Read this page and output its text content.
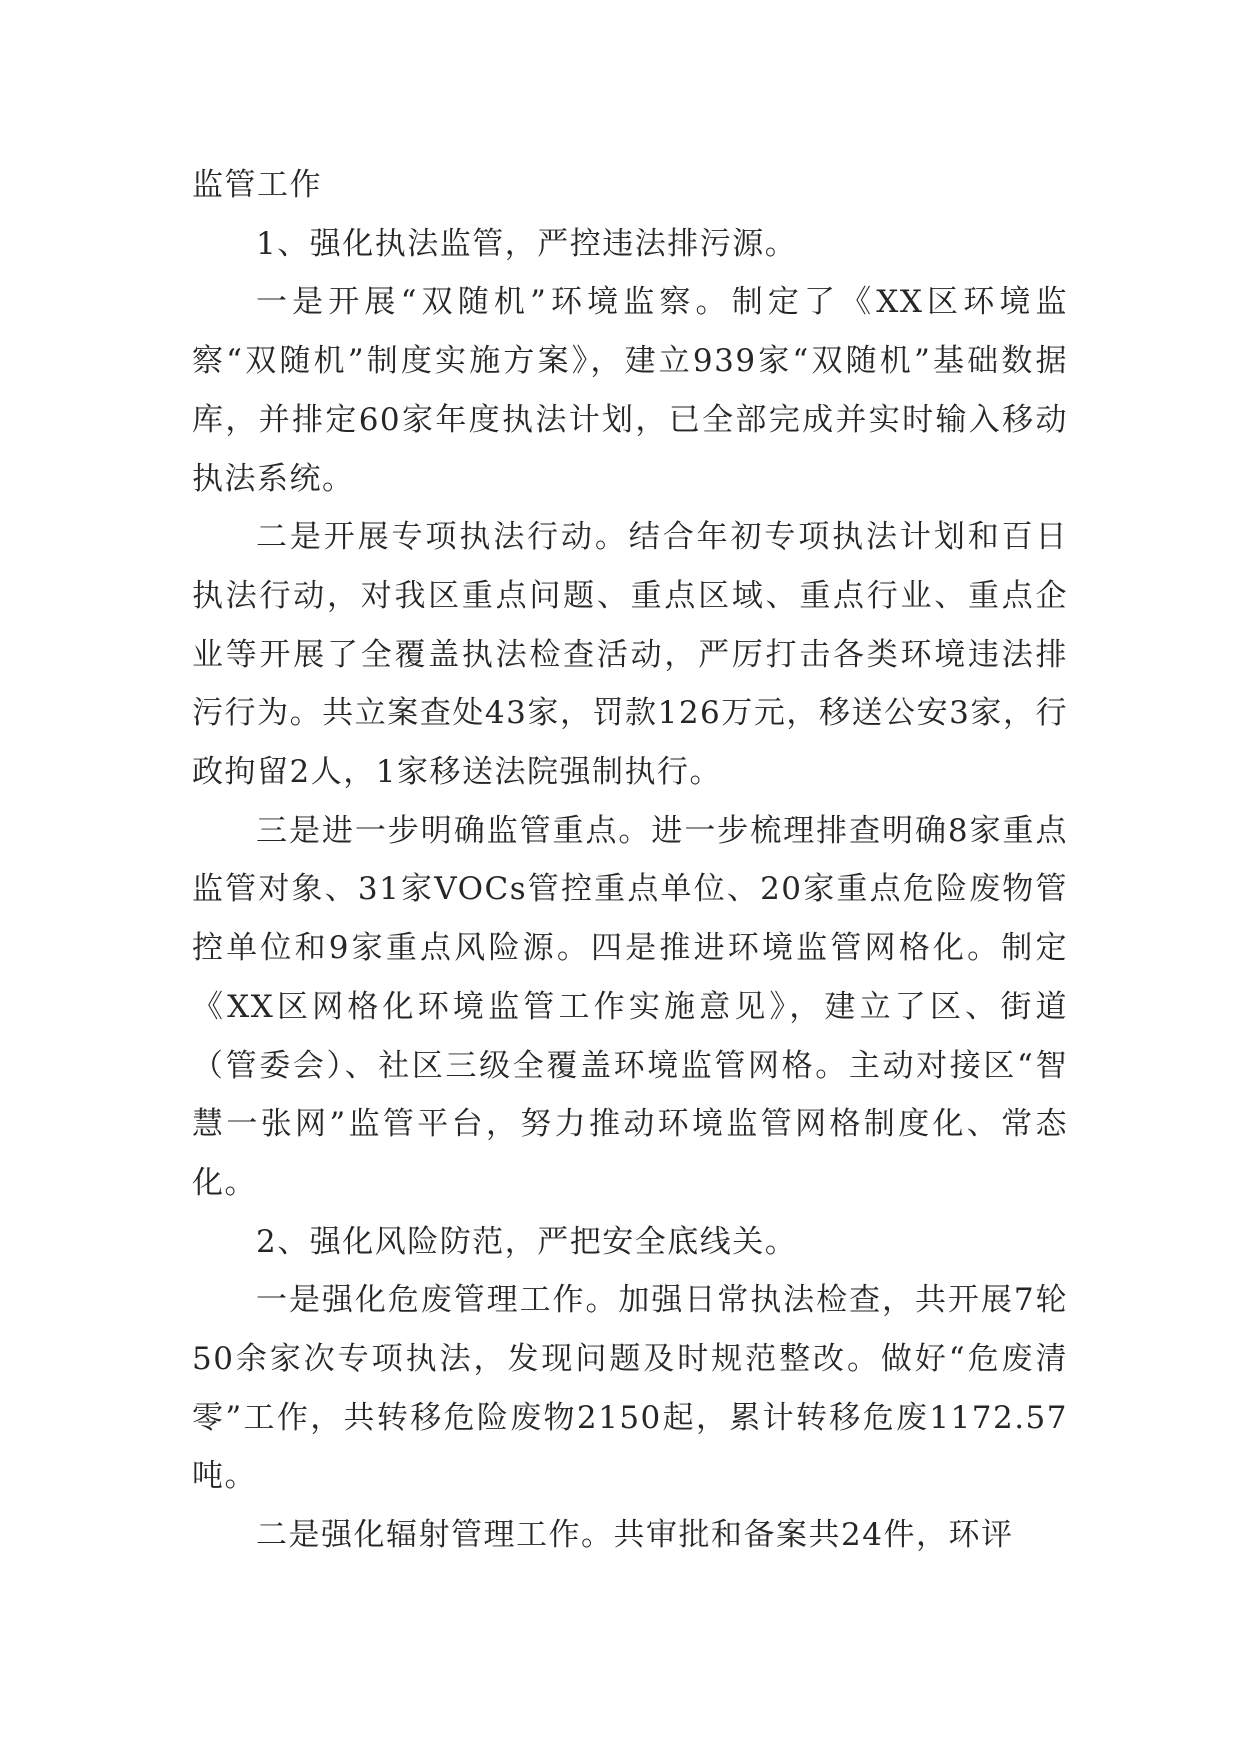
监管工作

1、强化执法监管，严控违法排污源。

一是开展“双随机”环境监察。制定了《XX区环境监察“双随机”制度实施方案》，建立939家“双随机”基础数据库，并排定60家年度执法计划，已全部完成并实时输入移动执法系统。

二是开展专项执法行动。结合年初专项执法计划和百日执法行动，对我区重点问题、重点区域、重点行业、重点企业等开展了全覆盖执法检查活动，严厉打击各类环境违法排污行为。共立案查处43家，罚款126万元，移送公安3家，行政拘留2人，1家移送法院强制执行。

三是进一步明确监管重点。进一步梳理排查明确8家重点监管对象、31家VOCs管控重点单位、20家重点危险废物管控单位和9家重点风险源。四是推进环境监管网格化。制定《XX区网格化环境监管工作实施意见》，建立了区、街道（管委会）、社区三级全覆盖环境监管网格。主动对接区“智慧一张网”监管平台，努力推动环境监管网格制度化、常态化。

2、强化风险防范，严把安全底线关。

一是强化危废管理工作。加强日常执法检查，共开展7轮50余家次专项执法，发现问题及时规范整改。做好“危废清零”工作，共转移危险废物2150起，累计转移危废1172.57吨。

二是强化辐射管理工作。共审批和备案共24件，环评
